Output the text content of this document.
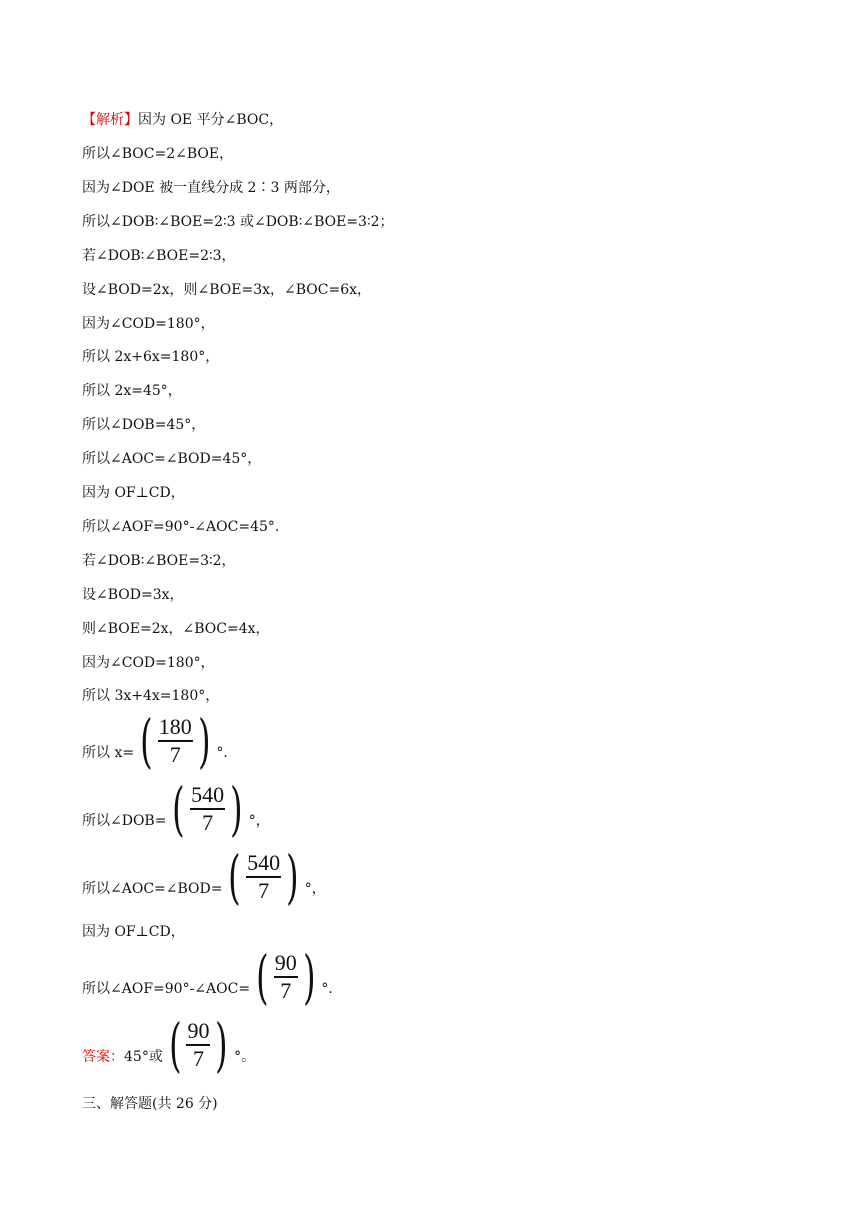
【解析】因为 OE 平分∠BOC，
所以∠BOC=2∠BOE，
因为∠DOE 被一直线分成 2∶3 两部分，
所以∠DOB∶∠BOE=2∶3 或∠DOB∶∠BOE=3∶2；
若∠DOB∶∠BOE=2∶3，
设∠BOD=2x，则∠BOE=3x，∠BOC=6x，
因为∠COD=180°，
所以 2x+6x=180°，
所以 2x=45°，
所以∠DOB=45°，
所以∠AOC=∠BOD=45°，
因为 OF⊥CD，
所以∠AOF=90°-∠AOC=45°.
若∠DOB∶∠BOE=3∶2，
设∠BOD=3x，
则∠BOE=2x，∠BOC=4x，
因为∠COD=180°，
所以 3x+4x=180°，
所以 x= ( $\frac{180}{7}$ ) °.
所以∠DOB= ( $\frac{540}{7}$ ) °，
所以∠AOC=∠BOD= ( $\frac{540}{7}$ ) °，
因为 OF⊥CD，
所以∠AOF=90°-∠AOC= ( $\frac{90}{7}$ ) °.
答案：45°或 ( $\frac{90}{7}$ ) °。
三、解答题(共 26 分)
